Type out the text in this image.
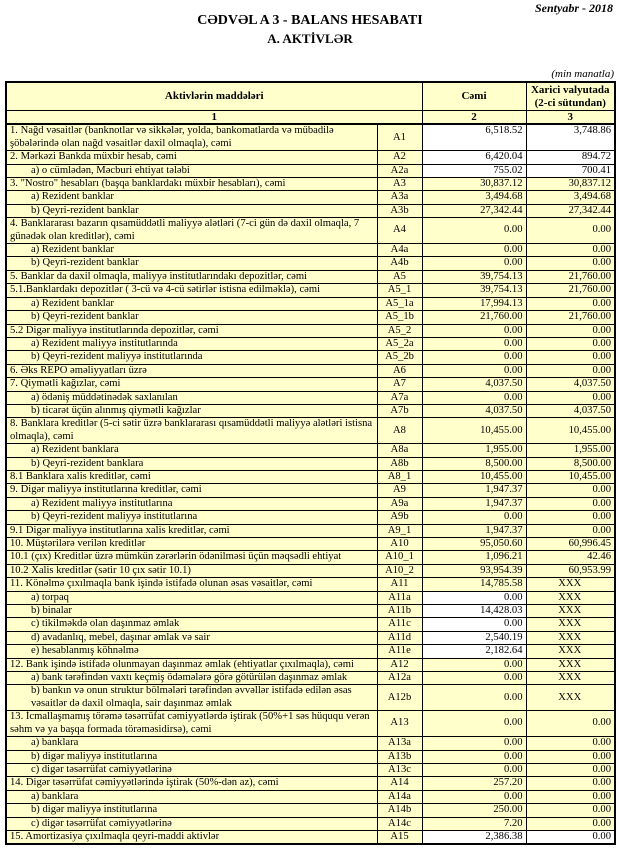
Sentyabr - 2018
CƏDVƏL A 3 - BALANS HESABATI
A. AKTİVLƏR
(min manatla)
Aktivlərin maddələri		Cəmi	Xarici valyutada
(2-ci sütundan)

1		2	3
1. Nağd vəsaitlər (banknotlar və sikkələr, yolda, bankomatlarda və mübadilə şöbələrində olan nağd vəsaitlər daxil olmaqla), cəmi	A1	6,518.52	3,748.86
2. Mərkəzi Bankda müxbir hesab, cəmi	A2	6,420.04	894.72
a) o cümlədən, Məcburi ehtiyat tələbi	A2a	755.02	700.41
3. "Nostro" hesabları (başqa banklardakı müxbir hesabları), cəmi	A3	30,837.12	30,837.12
a) Rezident banklar	A3a	3,494.68	3,494.68
b) Qeyri-rezident banklar	A3b	27,342.44	27,342.44
4. Banklararası bazarın qısamüddətli maliyyə alətləri (7-ci gün də daxil olmaqla, 7 günədək olan kreditlər), cəmi	A4	0.00	0.00
a) Rezident banklar	A4a	0.00	0.00
b) Qeyri-rezident banklar	A4b	0.00	0.00
5. Banklar da daxil olmaqla, maliyyə institutlarındakı depozitlər, cəmi	A5	39,754.13	21,760.00
5.1.Banklardakı depozitlər ( 3-cü və 4-cü sətirlər istisna edilməklə), cəmi	A5_1	39,754.13	21,760.00
a) Rezident banklar	A5_1a	17,994.13	0.00
b) Qeyri-rezident banklar	A5_1b	21,760.00	21,760.00
5.2 Digər maliyyə institutlarında depozitlər, cəmi	A5_2	0.00	0.00
a) Rezident maliyyə institutlarında	A5_2a	0.00	0.00
b) Qeyri-rezident maliyyə institutlarında	A5_2b	0.00	0.00
6. Əks REPO əməliyyatları üzrə	A6	0.00	0.00
7. Qiymətli kağızlar, cəmi	A7	4,037.50	4,037.50
a) ödəniş müddətinədək saxlanılan	A7a	0.00	0.00
b) ticarət üçün alınmış qiymətli kağızlar	A7b	4,037.50	4,037.50
8. Banklara kreditlər (5-ci sətir üzrə banklararası qısamüddətli maliyyə alətləri istisna olmaqla), cəmi	A8	10,455.00	10,455.00
a) Rezident banklara	A8a	1,955.00	1,955.00
b) Qeyri-rezident banklara	A8b	8,500.00	8,500.00
8.1 Banklara xalis kreditlər, cəmi	A8_1	10,455.00	10,455.00
9. Digər maliyyə institutlarına kreditlər, cəmi	A9	1,947.37	0.00
a) Rezident maliyyə institutlarına	A9a	1,947.37	0.00
b) Qeyri-rezident maliyyə institutlarına	A9b	0.00	0.00
9.1 Digər maliyyə institutlarına xalis kreditlər, cəmi	A9_1	1,947.37	0.00
10. Müştərilərə verilən kreditlər	A10	95,050.60	60,996.45
10.1 (çıx) Kreditlər üzrə mümkün zərərlərin ödənilməsi üçün məqsədli ehtiyat	A10_1	1,096.21	42.46
10.2 Xalis kreditlər (sətir 10 çıx sətir 10.1)	A10_2	93,954.39	60,953.99
11. Könəlmə çıxılmaqla bank işində istifadə olunan əsas vəsaitlər, cəmi	A11	14,785.58	XXX
a) torpaq	A11a	0.00	XXX
b) binalar	A11b	14,428.03	XXX
c) tikilməkdə olan daşınmaz əmlak	A11c	0.00	XXX
d) avadanlıq, mebel, daşınar əmlak və sair	A11d	2,540.19	XXX
e) hesablanmış köhnəlmə	A11e	2,182.64	XXX
12. Bank işində istifadə olunmayan daşınmaz əmlak (ehtiyatlar çıxılmaqla), cəmi	A12	0.00	XXX
a) bank tərəfindən vaxtı keçmiş ödəmələrə görə götürülən daşınmaz əmlak	A12a	0.00	XXX
b) bankın və onun struktur bölmələri tərəfindən əvvəllər istifadə edilən əsas vəsaitlər də daxil olmaqla, sair daşınmaz əmlak	A12b	0.00	XXX
13. İcmallaşmamış törəmə təsərrüfat cəmiyyətlərdə iştirak (50%+1 səs hüququ verən səhm və ya başqa formada törəməsidirsə), cəmi	A13	0.00	0.00
a) banklara	A13a	0.00	0.00
b) digər maliyyə institutlarına	A13b	0.00	0.00
c) digər təsərrüfat cəmiyyətlərinə	A13c	0.00	0.00
14. Digər təsərrüfat cəmiyyətlərində iştirak (50%-dən az), cəmi	A14	257.20	0.00
a) banklara	A14a	0.00	0.00
b) digər maliyyə institutlarına	A14b	250.00	0.00
c) digər təsərrüfat cəmiyyətlərinə	A14c	7.20	0.00
15. Amortizasiya çıxılmaqla qeyri-maddi aktivlər	A15	2,386.38	0.00
